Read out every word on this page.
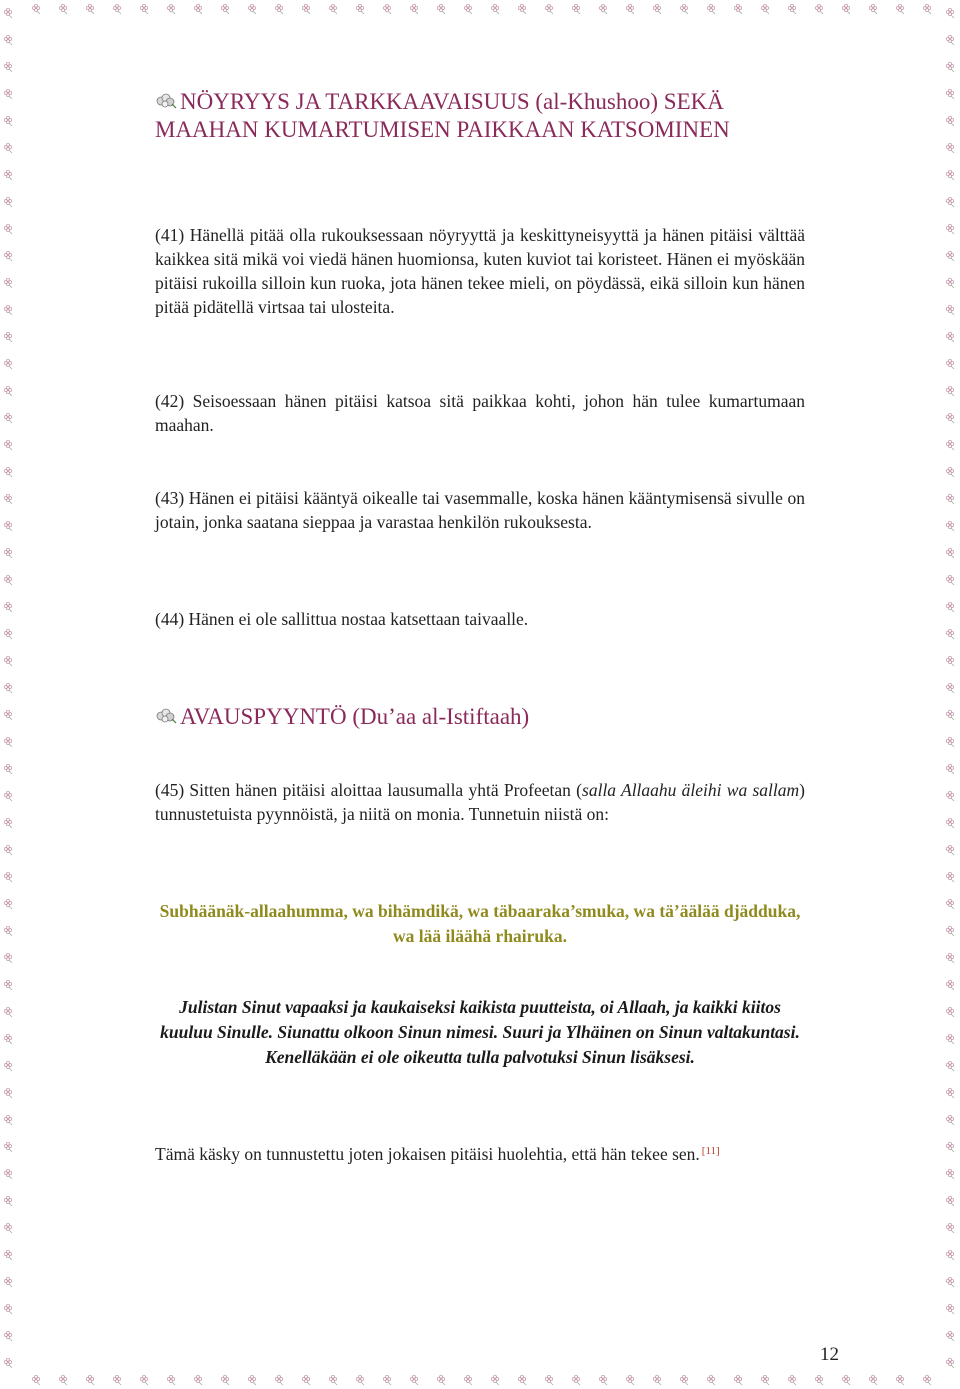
NÖYRYYS JA TARKKAAVAISUUS (al-Khushoo) SEKÄ MAAHAN KUMARTUMISEN PAIKKAAN KATSOMINEN

(41) Hänellä pitää olla rukouksessaan nöyryyttä ja keskittyneisyyttä ja hänen pitäisi välttää kaikkea sitä mikä voi viedä hänen huomionsa, kuten kuviot tai koristeet. Hänen ei myöskään pitäisi rukoilla silloin kun ruoka, jota hänen tekee mieli, on pöydässä, eikä silloin kun hänen pitää pidätellä virtsaa tai ulosteita.

(42) Seisoessaan hänen pitäisi katsoa sitä paikkaa kohti, johon hän tulee kumartumaan maahan.

(43) Hänen ei pitäisi kääntyä oikealle tai vasemmalle, koska hänen kääntymisensä sivulle on jotain, jonka saatana sieppaa ja varastaa henkilön rukouksesta.

(44) Hänen ei ole sallittua nostaa katsettaan taivaalle.

AVAUSPYYNTÖ (Du’aa al-Istiftaah)

(45) Sitten hänen pitäisi aloittaa lausumalla yhtä Profeetan (salla Allaahu äleihi wa sallam) tunnustetuista pyynnöistä, ja niitä on monia. Tunnetuin niistä on:

Subhäänäk-allaahumma, wa bihämdikä, wa täbaaraka’smuka, wa tä’äälää djädduka, wa lää iläähä rhairuka.

Julistan Sinut vapaaksi ja kaukaiseksi kaikista puutteista, oi Allaah, ja kaikki kiitos kuuluu Sinulle. Siunattu olkoon Sinun nimesi. Suuri ja Ylhäinen on Sinun valtakuntasi. Kenelläkään ei ole oikeutta tulla palvotuksi Sinun lisäksesi.

Tämä käsky on tunnustettu joten jokaisen pitäisi huolehtia, että hän tekee sen. [11]

12
